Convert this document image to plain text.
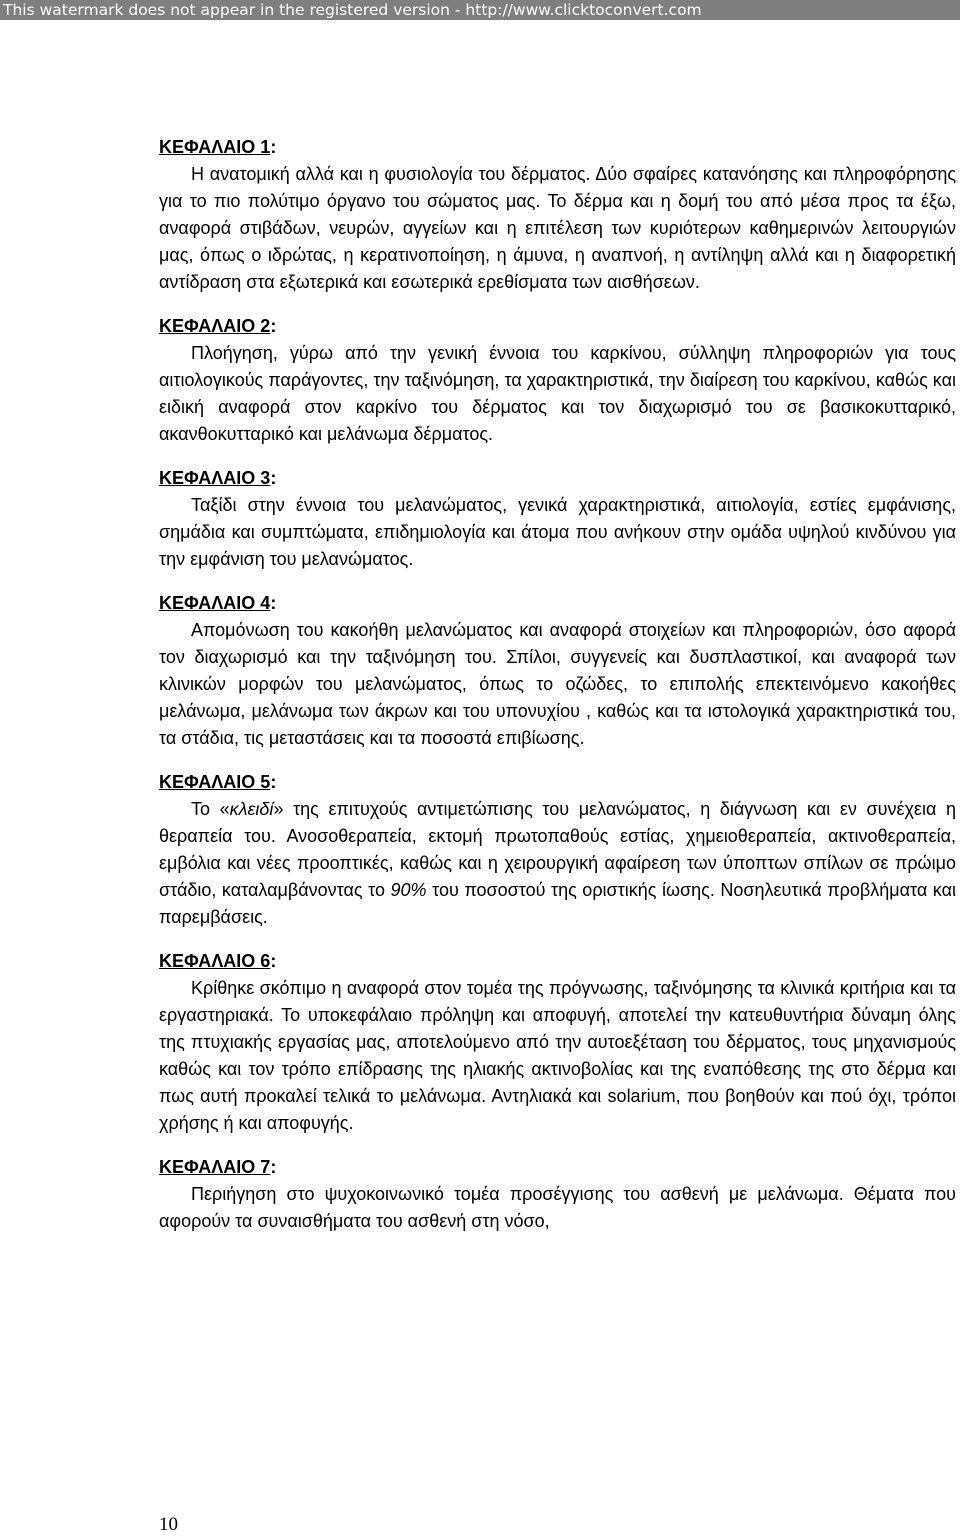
This watermark does not appear in the registered version - http://www.clicktoconvert.com
ΚΕΦΑΛΑΙΟ 1:

Η ανατομική αλλά και η φυσιολογία του δέρματος. Δύο σφαίρες κατανόησης και πληροφόρησης για το πιο πολύτιμο όργανο του σώματος μας. Το δέρμα και η δομή του από μέσα προς τα έξω, αναφορά στιβάδων, νευρών, αγγείων και η επιτέλεση των κυριότερων καθημερινών λειτουργιών μας, όπως ο ιδρώτας, η κερατινοποίηση, η άμυνα, η αναπνοή, η αντίληψη αλλά και η διαφορετική αντίδραση στα εξωτερικά και εσωτερικά ερεθίσματα των αισθήσεων.

ΚΕΦΑΛΑΙΟ 2:

Πλοήγηση, γύρω από την γενική έννοια του καρκίνου, σύλληψη πληροφοριών για τους αιτιολογικούς παράγοντες, την ταξινόμηση, τα χαρακτηριστικά, την διαίρεση του καρκίνου, καθώς και ειδική αναφορά στον καρκίνο του δέρματος και τον διαχωρισμό του σε βασικοκυτταρικό, ακανθοκυτταρικό και μελάνωμα δέρματος.

ΚΕΦΑΛΑΙΟ 3:

Ταξίδι στην έννοια του μελανώματος, γενικά χαρακτηριστικά, αιτιολογία, εστίες εμφάνισης, σημάδια και συμπτώματα, επιδημιολογία και άτομα που ανήκουν στην ομάδα υψηλού κινδύνου για την εμφάνιση του μελανώματος.

ΚΕΦΑΛΑΙΟ 4:

Απομόνωση του κακοήθη μελανώματος και αναφορά στοιχείων και πληροφοριών, όσο αφορά τον διαχωρισμό και την ταξινόμηση του. Σπίλοι, συγγενείς και δυσπλαστικοί, και αναφορά των κλινικών μορφών του μελανώματος, όπως το οζώδες, το επιπολής επεκτεινόμενο κακοήθες μελάνωμα, μελάνωμα των άκρων και του υπονυχίου , καθώς και τα ιστολογικά χαρακτηριστικά του, τα στάδια, τις μεταστάσεις και τα ποσοστά επιβίωσης.

ΚΕΦΑΛΑΙΟ 5:

Το «κλειδί» της επιτυχούς αντιμετώπισης του μελανώματος, η διάγνωση και εν συνέχεια η θεραπεία του. Ανοσοθεραπεία, εκτομή πρωτοπαθούς εστίας, χημειοθεραπεία, ακτινοθεραπεία, εμβόλια και νέες προοπτικές, καθώς και η χειρουργική αφαίρεση των ύποπτων σπίλων σε πρώιμο στάδιο, καταλαμβάνοντας το 90% του ποσοστού της οριστικής ίωσης. Νοσηλευτικά προβλήματα και παρεμβάσεις.

ΚΕΦΑΛΑΙΟ 6:

Κρίθηκε σκόπιμο η αναφορά στον τομέα της πρόγνωσης, ταξινόμησης τα κλινικά κριτήρια και τα εργαστηριακά. Το υποκεφάλαιο πρόληψη και αποφυγή, αποτελεί την κατευθυντήρια δύναμη όλης της πτυχιακής εργασίας μας, αποτελούμενο από την αυτοεξέταση του δέρματος, τους μηχανισμούς καθώς και τον τρόπο επίδρασης της ηλιακής ακτινοβολίας και της εναπόθεσης της στο δέρμα και πως αυτή προκαλεί τελικά το μελάνωμα. Αντηλιακά και solarium, που βοηθούν και πού όχι, τρόποι χρήσης ή και αποφυγής.

ΚΕΦΑΛΑΙΟ 7:

Περιήγηση στο ψυχοκοινωνικό τομέα προσέγγισης του ασθενή με μελάνωμα. Θέματα που αφορούν τα συναισθήματα του ασθενή στη νόσο,

10
